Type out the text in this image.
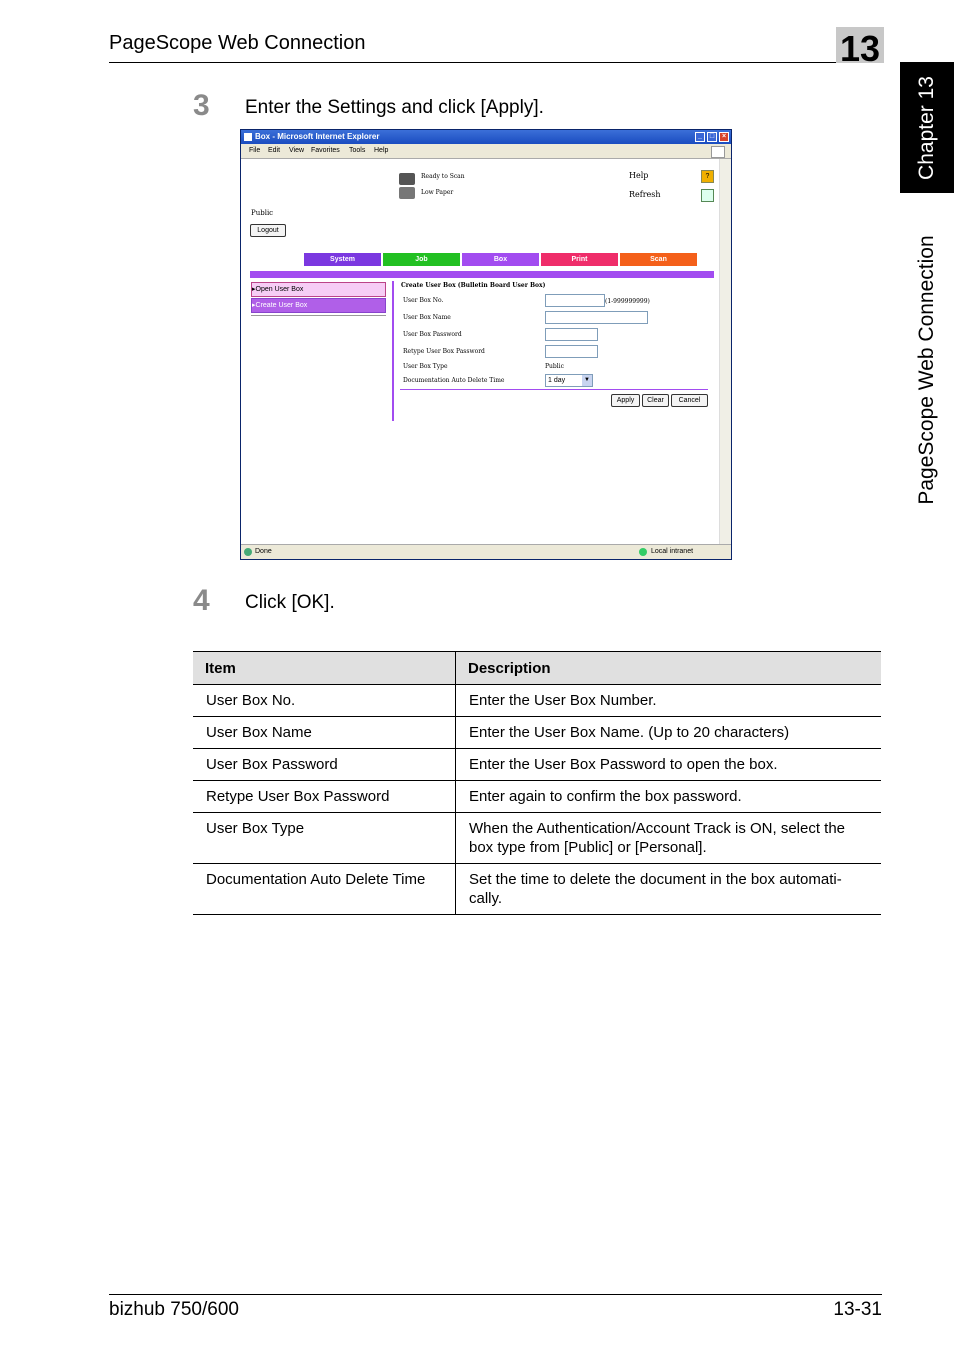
PageScope Web Connection	13
Chapter 13
PageScope Web Connection
3 Enter the Settings and click [Apply].
Box - Microsoft Internet Explorer	_	□	×
File Edit View Favorites Tools Help
Ready to Scan
Low Paper
Help	?
Refresh
Public
Logout
System	Job	Box	Print	Scan
▸Open User Box
▸Create User Box
Create User Box (Bulletin Board User Box)
User Box No.	(1-999999999)
User Box Name
User Box Password
Retype User Box Password
User Box Type	Public
Documentation Auto Delete Time	1 day	▼
Apply	Clear	Cancel
Done	Local intranet
4 Click [OK].
Item	Description
User Box No.	Enter the User Box Number.
User Box Name	Enter the User Box Name. (Up to 20 characters)
User Box Password	Enter the User Box Password to open the box.
Retype User Box Password	Enter again to confirm the box password.
User Box Type	When the Authentication/Account Track is ON, select the box type from [Public] or [Personal].
Documentation Auto Delete Time	Set the time to delete the document in the box automati-cally.
bizhub 750/600	13-31
